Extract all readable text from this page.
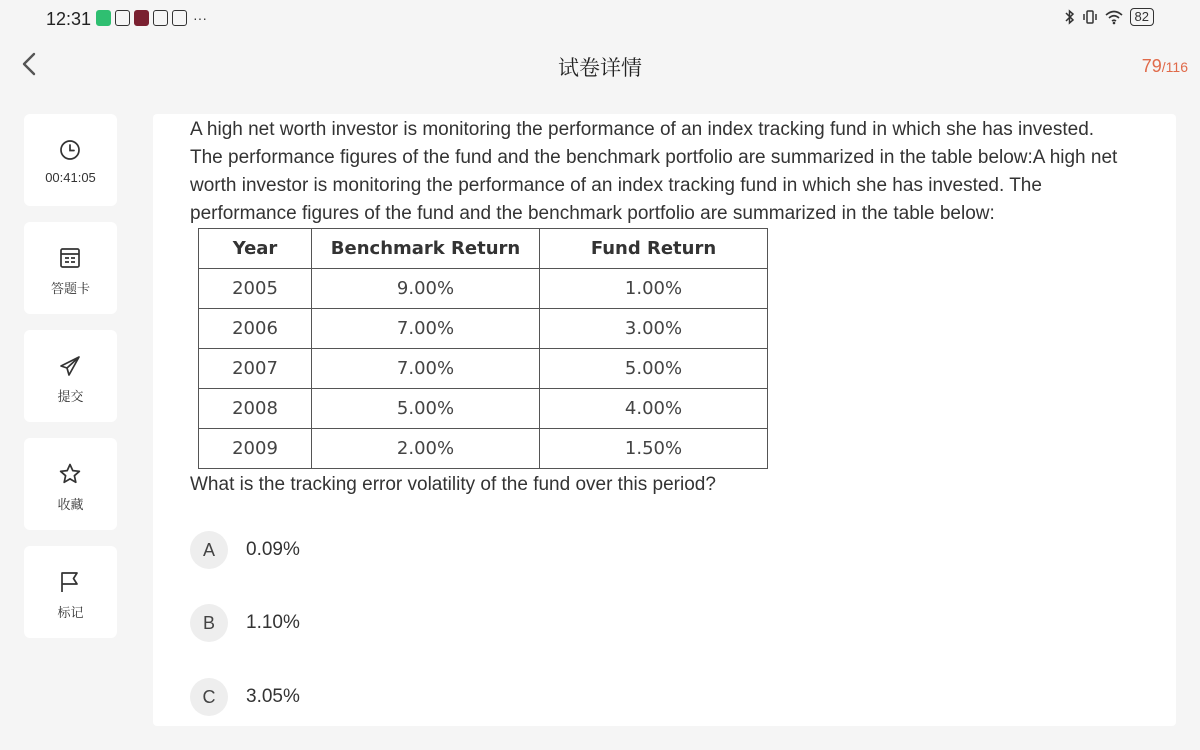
12:31	···	82
试卷详情	79/116
00:41:05
答题卡
提交
收藏
标记
A high net worth investor is monitoring the performance of an index tracking fund in which she has invested. The performance figures of the fund and the benchmark portfolio are summarized in the table below:A high net worth investor is monitoring the performance of an index tracking fund in which she has invested. The performance figures of the fund and the benchmark portfolio are summarized in the table below:
Year	Benchmark Return	Fund Return
2005	9.00%	1.00%
2006	7.00%	3.00%
2007	7.00%	5.00%
2008	5.00%	4.00%
2009	2.00%	1.50%
What is the tracking error volatility of the fund over this period?
A	0.09%
B	1.10%
C	3.05%
